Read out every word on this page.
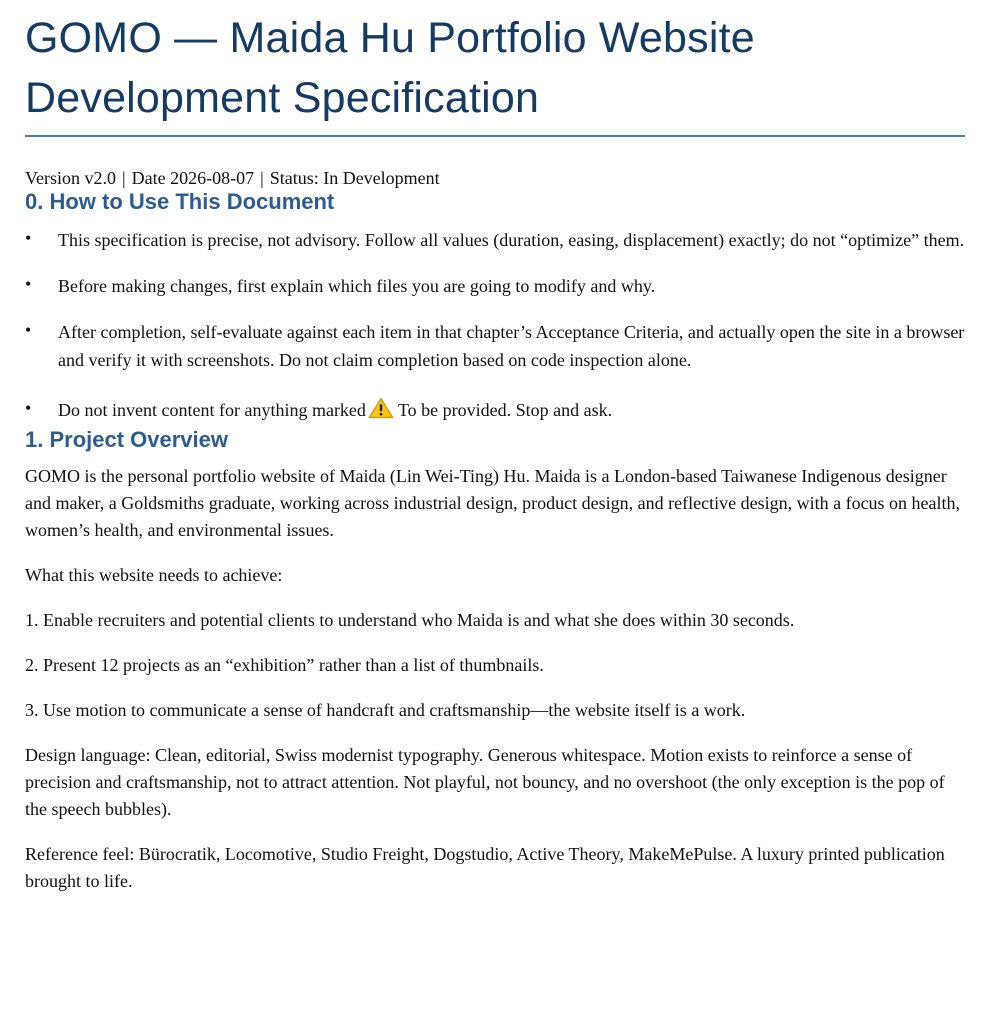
GOMO — Maida Hu Portfolio Website Development Specification
Version v2.0 | Date 2026-08-07 | Status: In Development
0. How to Use This Document
• This specification is precise, not advisory. Follow all values (duration, easing, displacement) exactly; do not “optimize” them.
• Before making changes, first explain which files you are going to modify and why.
• After completion, self-evaluate against each item in that chapter’s Acceptance Criteria, and actually open the site in a browser and verify it with screenshots. Do not claim completion based on code inspection alone.
• Do not invent content for anything marked To be provided. Stop and ask.
1. Project Overview

GOMO is the personal portfolio website of Maida (Lin Wei-Ting) Hu. Maida is a London-based Taiwanese Indigenous designer and maker, a Goldsmiths graduate, working across industrial design, product design, and reflective design, with a focus on health, women’s health, and environmental issues.

What this website needs to achieve:

1. Enable recruiters and potential clients to understand who Maida is and what she does within 30 seconds.

2. Present 12 projects as an “exhibition” rather than a list of thumbnails.

3. Use motion to communicate a sense of handcraft and craftsmanship—the website itself is a work.

Design language: Clean, editorial, Swiss modernist typography. Generous whitespace. Motion exists to reinforce a sense of precision and craftsmanship, not to attract attention. Not playful, not bouncy, and no overshoot (the only exception is the pop of the speech bubbles).

Reference feel: Bürocratik, Locomotive, Studio Freight, Dogstudio, Active Theory, MakeMePulse. A luxury printed publication brought to life.
